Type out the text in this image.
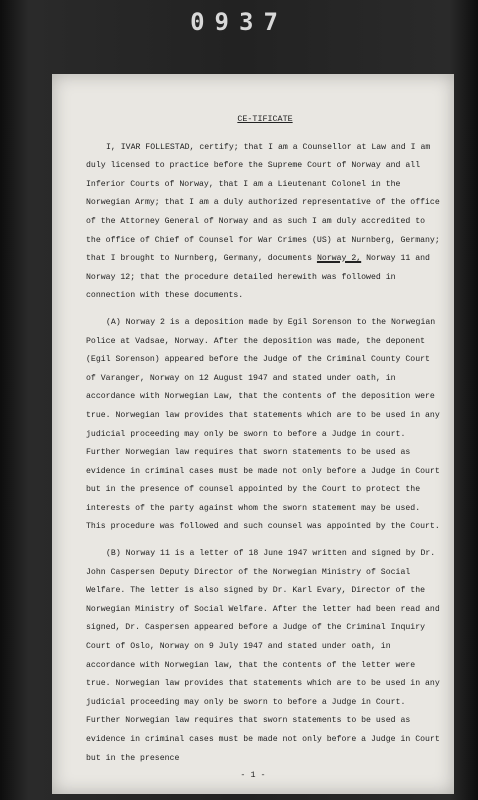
0937
CE-TIFICATE

I, IVAR FOLLESTAD, certify; that I am a Counsellor at Law and I am duly licensed to practice before the Supreme Court of Norway and all Inferior Courts of Norway, that I am a Lieutenant Colonel in the Norwegian Army; that I am a duly authorized representative of the office of the Attorney General of Norway and as such I am duly accredited to the office of Chief of Counsel for War Crimes (US) at Nurnberg, Germany; that I brought to Nurnberg, Germany, documents Norway 2, Norway 11 and Norway 12; that the procedure detailed herewith was followed in connection with these documents.

(A) Norway 2 is a deposition made by Egil Sorenson to the Norwegian Police at Vadsae, Norway. After the deposition was made, the deponent (Egil Sorenson) appeared before the Judge of the Criminal County Court of Varanger, Norway on 12 August 1947 and stated under oath, in accordance with Norwegian Law, that the contents of the deposition were true. Norwegian law provides that statements which are to be used in any judicial proceeding may only be sworn to before a Judge in court. Further Norwegian law requires that sworn statements to be used as evidence in criminal cases must be made not only before a Judge in Court but in the presence of counsel appointed by the Court to protect the interests of the party against whom the sworn statement may be used. This procedure was followed and such counsel was appointed by the Court.

(B) Norway 11 is a letter of 18 June 1947 written and signed by Dr. John Caspersen Deputy Director of the Norwegian Ministry of Social Welfare. The letter is also signed by Dr. Karl Evary, Director of the Norwegian Ministry of Social Welfare. After the letter had been read and signed, Dr. Caspersen appeared before a Judge of the Criminal Inquiry Court of Oslo, Norway on 9 July 1947 and stated under oath, in accordance with Norwegian law, that the contents of the letter were true. Norwegian law provides that statements which are to be used in any judicial proceeding may only be sworn to before a Judge in Court. Further Norwegian law requires that sworn statements to be used as evidence in criminal cases must be made not only before a Judge in Court but in the presence

- 1 -
